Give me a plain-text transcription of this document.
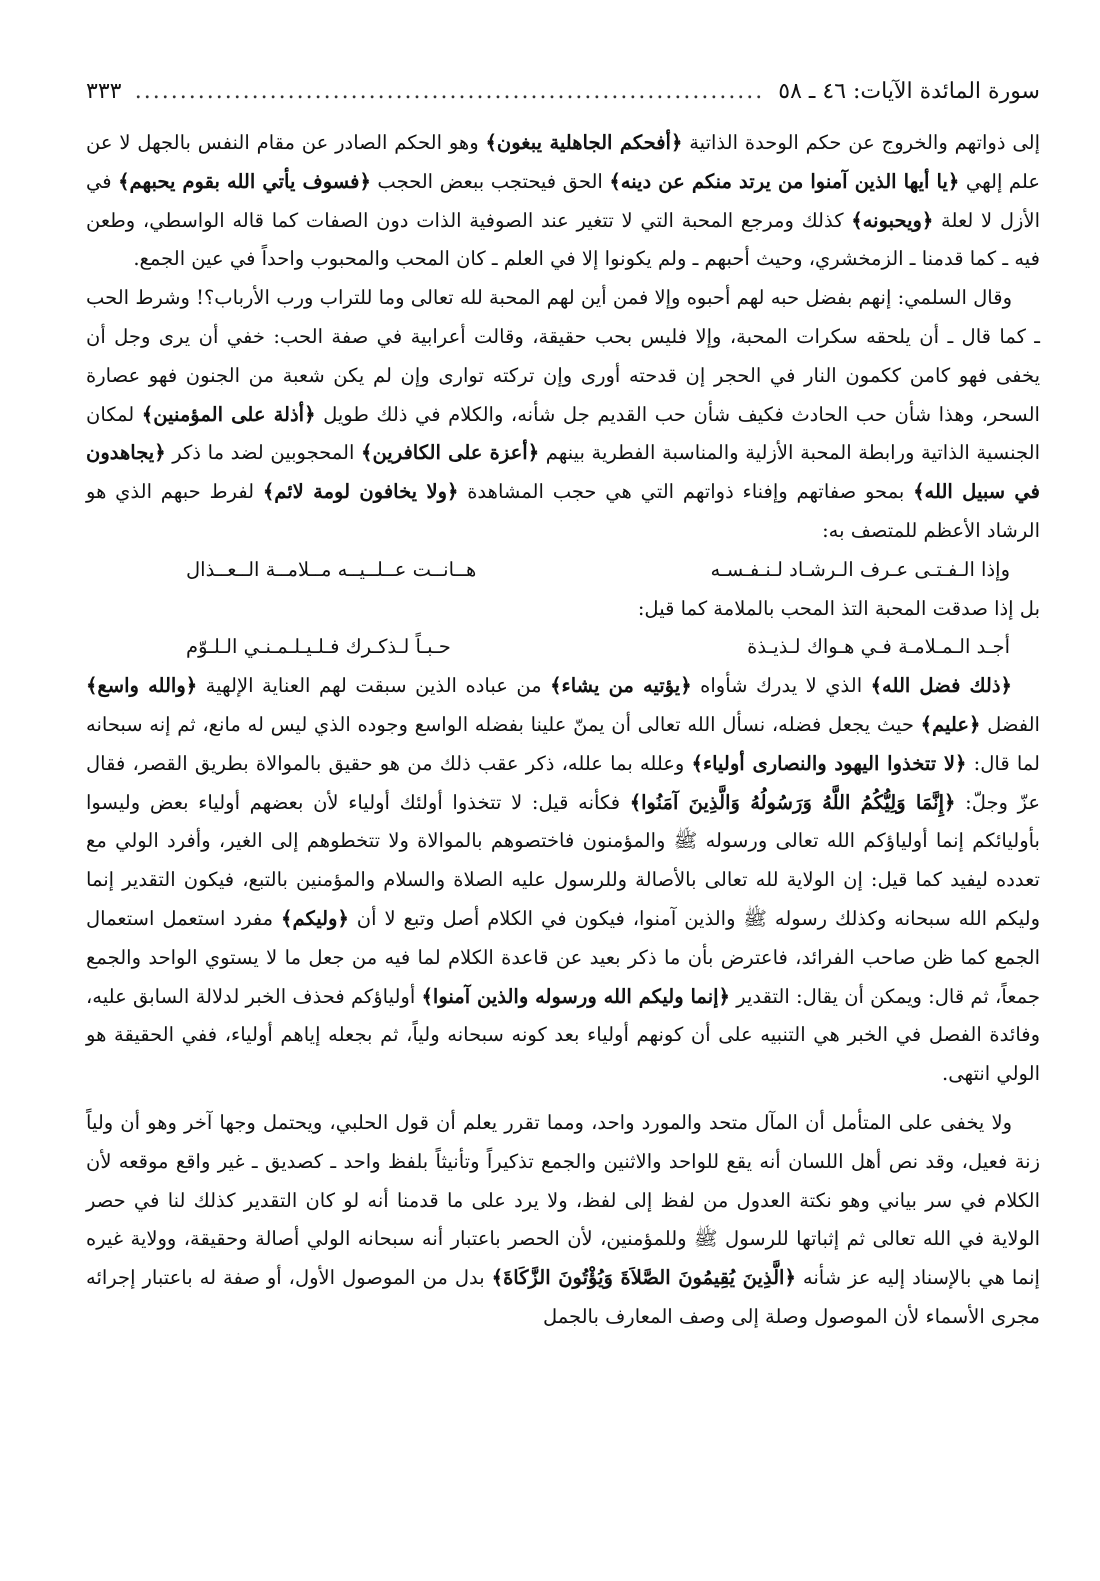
سورة المائدة الآيات: ٤٦ ـ ٥٨
.....
٣٣٣

إلى ذواتهم والخروج عن حكم الوحدة الذاتية ﴿أفحكم الجاهلية يبغون﴾ وهو الحكم الصادر عن مقام النفس بالجهل لا عن علم إلهي ﴿يا أيها الذين آمنوا من يرتد منكم عن دينه﴾ الحق فيحتجب ببعض الحجب ﴿فسوف يأتي الله بقوم يحبهم﴾ في الأزل لا لعلة ﴿ويحبونه﴾ كذلك ومرجع المحبة التي لا تتغير عند الصوفية الذات دون الصفات كما قاله الواسطي، وطعن فيه ـ كما قدمنا ـ الزمخشري، وحيث أحبهم ـ ولم يكونوا إلا في العلم ـ كان المحب والمحبوب واحداً في عين الجمع.

وقال السلمي: إنهم بفضل حبه لهم أحبوه وإلا فمن أين لهم المحبة لله تعالى وما للتراب ورب الأرباب؟! وشرط الحب ـ كما قال ـ أن يلحقه سكرات المحبة، وإلا فليس بحب حقيقة، وقالت أعرابية في صفة الحب: خفي أن يرى وجل أن يخفى فهو كامن ككمون النار في الحجر إن قدحته أورى وإن تركته توارى وإن لم يكن شعبة من الجنون فهو عصارة السحر، وهذا شأن حب الحادث فكيف شأن حب القديم جل شأنه، والكلام في ذلك طويل ﴿أذلة على المؤمنين﴾ لمكان الجنسية الذاتية ورابطة المحبة الأزلية والمناسبة الفطرية بينهم ﴿أعزة على الكافرين﴾ المحجوبين لضد ما ذكر ﴿يجاهدون في سبيل الله﴾ بمحو صفاتهم وإفناء ذواتهم التي هي حجب المشاهدة ﴿ولا يخافون لومة لائم﴾ لفرط حبهم الذي هو الرشاد الأعظم للمتصف به:

وإذا الـفـتـى عـرف الـرشـاد لـنـفـسـه
هــانــت عــلــيــه مــلامــة الــعــذال

بل إذا صدقت المحبة التذ المحب بالملامة كما قيل:

أجـد الـمـلامـة فـي هـواك لـذيـذة
حـبـاً لـذكـرك فـلـيـلـمـنـي الـلـوّم

﴿ذلك فضل الله﴾ الذي لا يدرك شأواه ﴿يؤتيه من يشاء﴾ من عباده الذين سبقت لهم العناية الإلهية ﴿والله واسع﴾ الفضل ﴿عليم﴾ حيث يجعل فضله، نسأل الله تعالى أن يمنّ علينا بفضله الواسع وجوده الذي ليس له مانع، ثم إنه سبحانه لما قال: ﴿لا تتخذوا اليهود والنصارى أولياء﴾ وعلله بما علله، ذكر عقب ذلك من هو حقيق بالموالاة بطريق القصر، فقال عزّ وجلّ: ﴿إِنَّمَا وَلِيُّكُمُ اللَّهُ وَرَسُولُهُ وَالَّذِينَ آمَنُوا﴾ فكأنه قيل: لا تتخذوا أولئك أولياء لأن بعضهم أولياء بعض وليسوا بأوليائكم إنما أولياؤكم الله تعالى ورسوله ﷺ والمؤمنون فاختصوهم بالموالاة ولا تتخطوهم إلى الغير، وأفرد الولي مع تعدده ليفيد كما قيل: إن الولاية لله تعالى بالأصالة وللرسول عليه الصلاة والسلام والمؤمنين بالتبع، فيكون التقدير إنما وليكم الله سبحانه وكذلك رسوله ﷺ والذين آمنوا، فيكون في الكلام أصل وتبع لا أن ﴿وليكم﴾ مفرد استعمل استعمال الجمع كما ظن صاحب الفرائد، فاعترض بأن ما ذكر بعيد عن قاعدة الكلام لما فيه من جعل ما لا يستوي الواحد والجمع جمعاً، ثم قال: ويمكن أن يقال: التقدير ﴿إنما وليكم الله ورسوله والذين آمنوا﴾ أولياؤكم فحذف الخبر لدلالة السابق عليه، وفائدة الفصل في الخبر هي التنبيه على أن كونهم أولياء بعد كونه سبحانه ولياً، ثم بجعله إياهم أولياء، ففي الحقيقة هو الولي انتهى.

ولا يخفى على المتأمل أن المآل متحد والمورد واحد، ومما تقرر يعلم أن قول الحلبي، ويحتمل وجها آخر وهو أن ولياً زنة فعيل، وقد نص أهل اللسان أنه يقع للواحد والاثنين والجمع تذكيراً وتأنيثاً بلفظ واحد ـ كصديق ـ غير واقع موقعه لأن الكلام في سر بياني وهو نكتة العدول من لفظ إلى لفظ، ولا يرد على ما قدمنا أنه لو كان التقدير كذلك لنا في حصر الولاية في الله تعالى ثم إثباتها للرسول ﷺ وللمؤمنين، لأن الحصر باعتبار أنه سبحانه الولي أصالة وحقيقة، وولاية غيره إنما هي بالإسناد إليه عز شأنه ﴿الَّذِينَ يُقِيمُونَ الصَّلاَةَ وَيُؤْتُونَ الزَّكَاةَ﴾ بدل من الموصول الأول، أو صفة له باعتبار إجرائه مجرى الأسماء لأن الموصول وصلة إلى وصف المعارف بالجمل
